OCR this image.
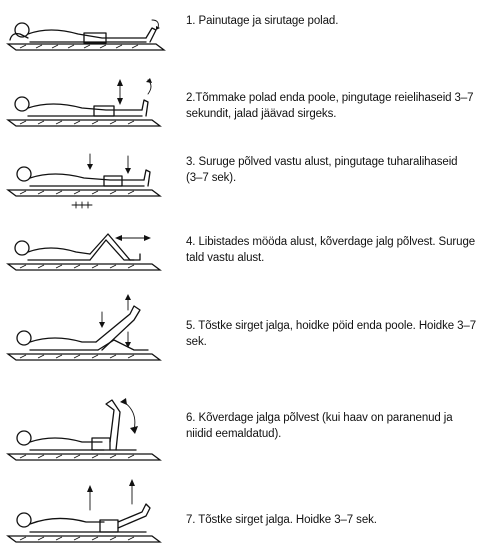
1. Painutage ja sirutage polad.
2.Tõmmake polad enda poole, pingutage reielihaseid 3–7 sekundit, jalad jäävad sirgeks.
3. Suruge põlved vastu alust, pingutage tuharalihaseid (3–7 sek).
4. Libistades mööda alust, kõverdage jalg põlvest. Suruge tald vastu alust.
5. Tõstke sirget jalga, hoidke pöid enda poole. Hoidke 3–7 sek.
6. Kõverdage jalga põlvest (kui haav on paranenud ja niidid eemaldatud).
7. Tõstke sirget jalga. Hoidke 3–7 sek.
